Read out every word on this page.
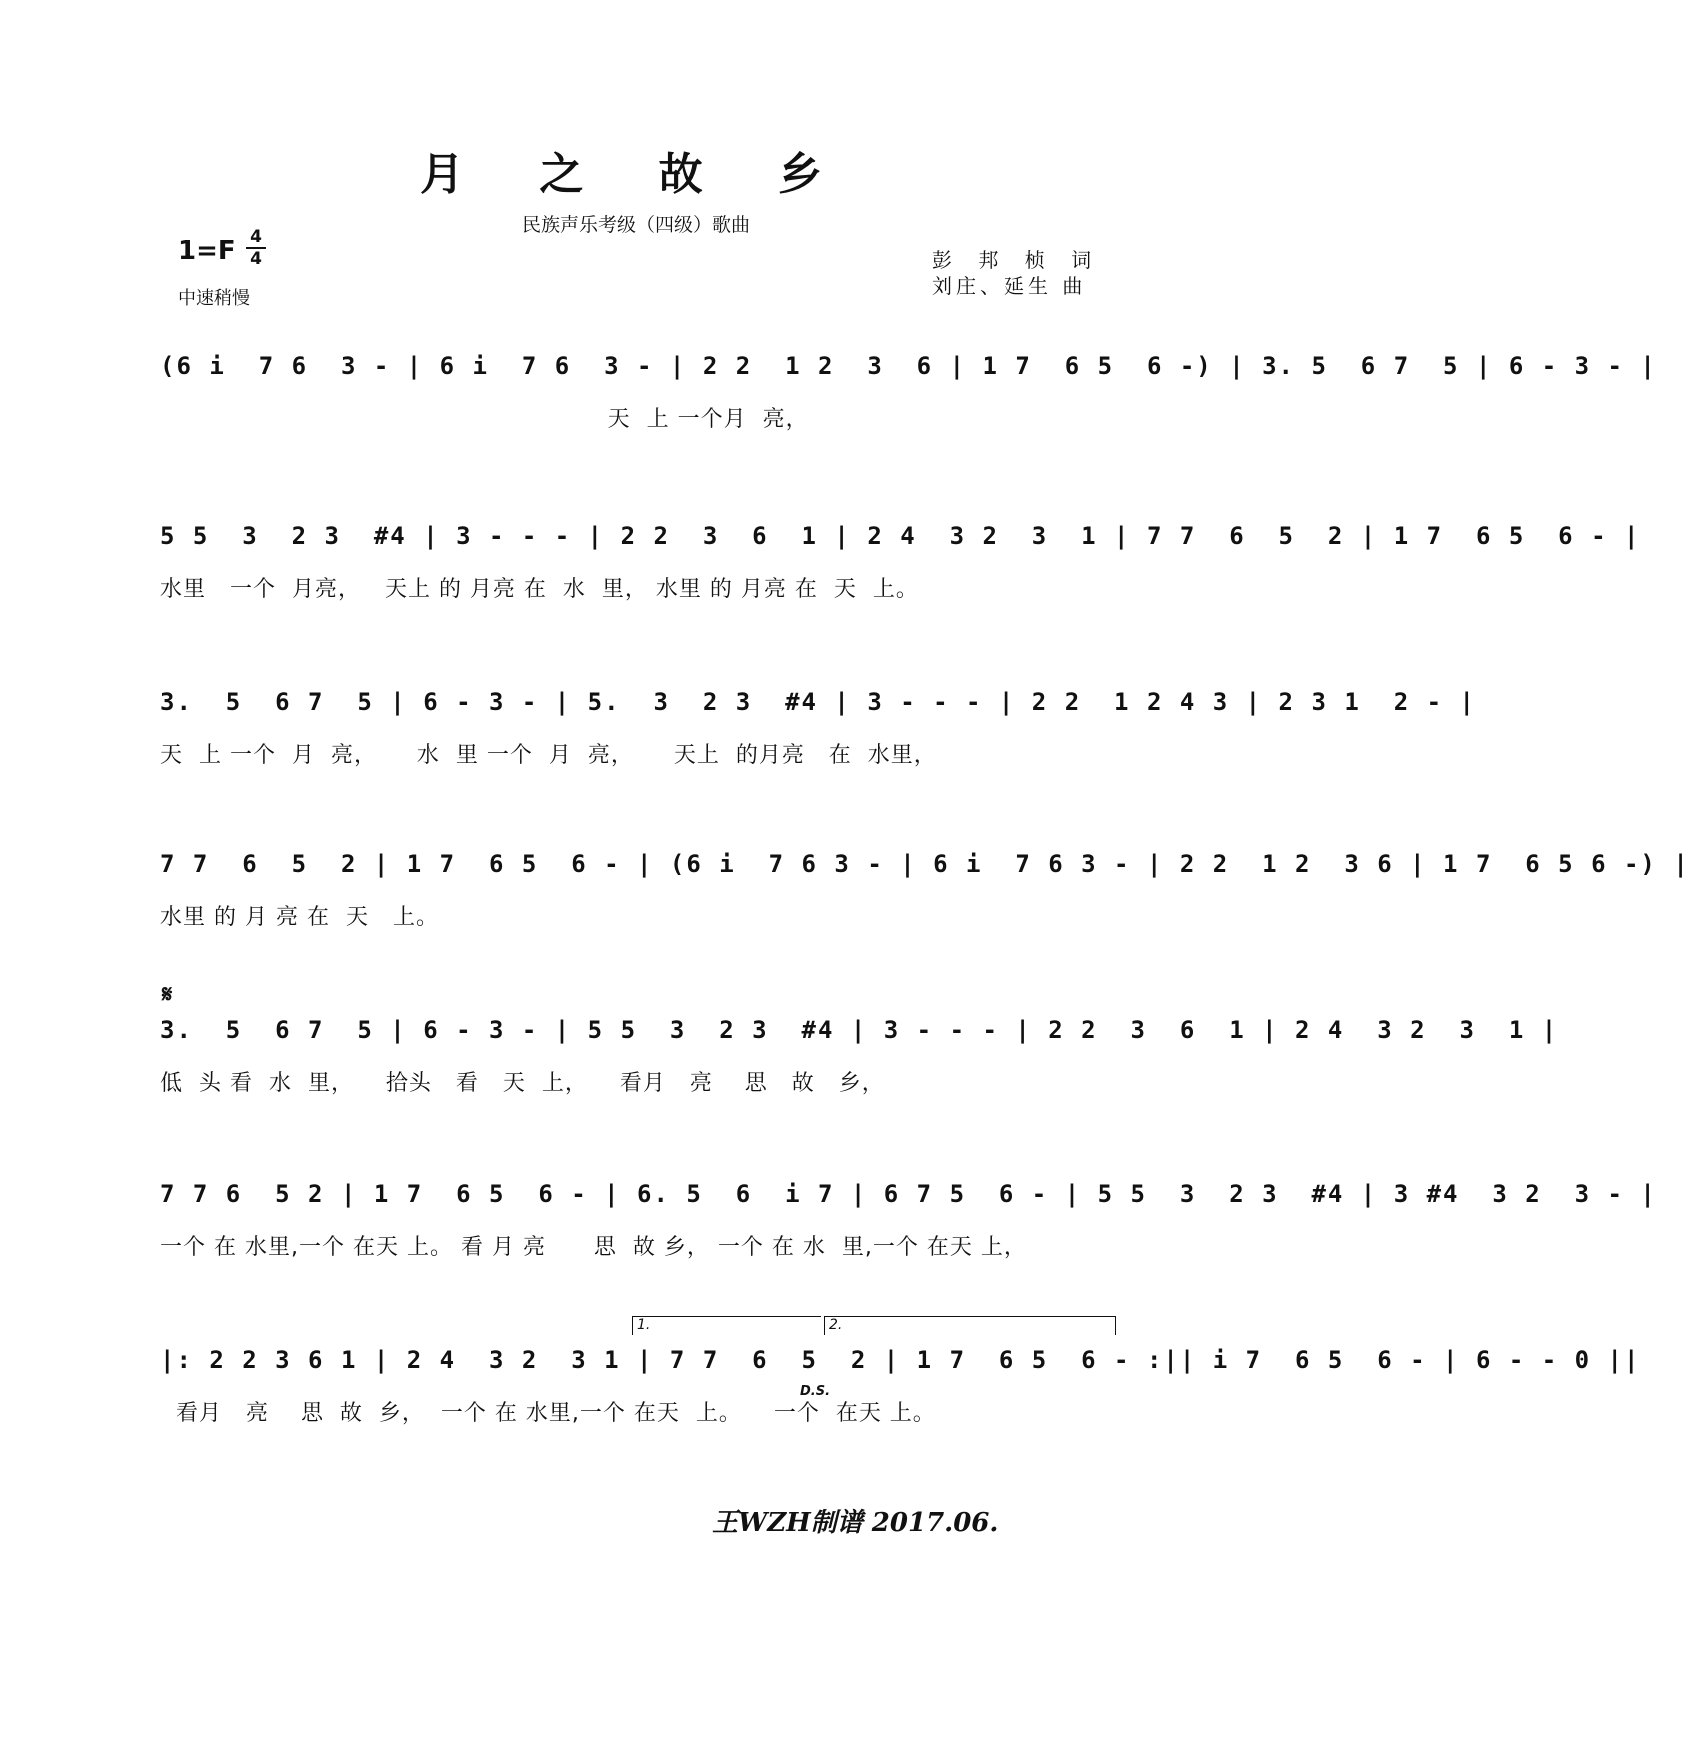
月 之 故 乡
民族声乐考级（四级）歌曲
1=F 4
4
中速稍慢
彭 邦 桢 词
刘庄、延生 曲
(6 i  7 6  3 - | 6 i  7 6  3 - | 2 2  1 2  3  6 | 1 7  6 5  6 -) | 3. 5  6 7  5 | 6 - 3 - |
天  上 一个月  亮，
5 5  3  2 3  #4 | 3 - - - | 2 2  3  6  1 | 2 4  3 2  3  1 | 7 7  6  5  2 | 1 7  6 5  6 - |
水里   一个  月亮，   天上 的 月亮 在  水  里， 水里 的 月亮 在  天  上。
3.  5  6 7  5 | 6 - 3 - | 5.  3  2 3  #4 | 3 - - - | 2 2  1 2 4 3 | 2 3 1  2 - |
天  上 一个  月  亮，     水  里 一个  月  亮，     天上  的月亮   在  水里，
7 7  6  5  2 | 1 7  6 5  6 - | (6 i  7 6 3 - | 6 i  7 6 3 - | 2 2  1 2  3 6 | 1 7  6 5 6 -) |
水里 的 月 亮 在  天   上。
𝄋
3.  5  6 7  5 | 6 - 3 - | 5 5  3  2 3  #4 | 3 - - - | 2 2  3  6  1 | 2 4  3 2  3  1 |
低  头 看  水  里，    拾头   看   天  上，    看月   亮    思   故   乡，
7 7 6  5 2 | 1 7  6 5  6 - | 6. 5  6  i 7 | 6 7 5  6 - | 5 5  3  2 3  #4 | 3 #4  3 2  3 - |
一个 在 水里,一个 在天 上。 看 月 亮      思  故 乡， 一个 在 水  里,一个 在天 上，
1.	2.
D.S.
|: 2 2 3 6 1 | 2 4  3 2  3 1 | 7 7  6  5  2 | 1 7  6 5  6 - :|| i 7  6 5  6 - | 6 - - 0 ||
看月   亮    思  故  乡，  一个 在 水里,一个 在天  上。    一个  在天 上。
王WZH制谱 2017.06.
